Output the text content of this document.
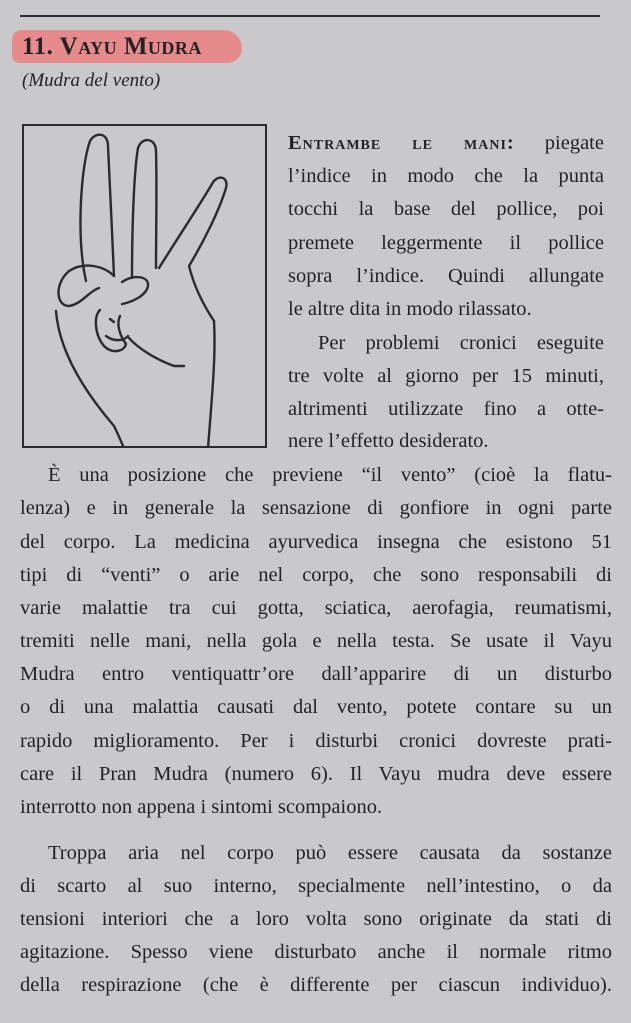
11. Vayu Mudra
(Mudra del vento)
Entrambe le mani: piegate
l’indice in modo che la punta
tocchi la base del pollice, poi
premete leggermente il pollice
sopra l’indice. Quindi allungate
le altre dita in modo rilassato.
Per problemi cronici eseguite
tre volte al giorno per 15 minuti,
altrimenti utilizzate fino a otte-
nere l’effetto desiderato.
È una posizione che previene “il vento” (cioè la flatu-
lenza) e in generale la sensazione di gonfiore in ogni parte
del corpo. La medicina ayurvedica insegna che esistono 51
tipi di “venti” o arie nel corpo, che sono responsabili di
varie malattie tra cui gotta, sciatica, aerofagia, reumatismi,
tremiti nelle mani, nella gola e nella testa. Se usate il Vayu
Mudra entro ventiquattr’ore dall’apparire di un disturbo
o di una malattia causati dal vento, potete contare su un
rapido miglioramento. Per i disturbi cronici dovreste prati-
care il Pran Mudra (numero 6). Il Vayu mudra deve essere
interrotto non appena i sintomi scompaiono.
Troppa aria nel corpo può essere causata da sostanze
di scarto al suo interno, specialmente nell’intestino, o da
tensioni interiori che a loro volta sono originate da stati di
agitazione. Spesso viene disturbato anche il normale ritmo
della respirazione (che è differente per ciascun individuo).
